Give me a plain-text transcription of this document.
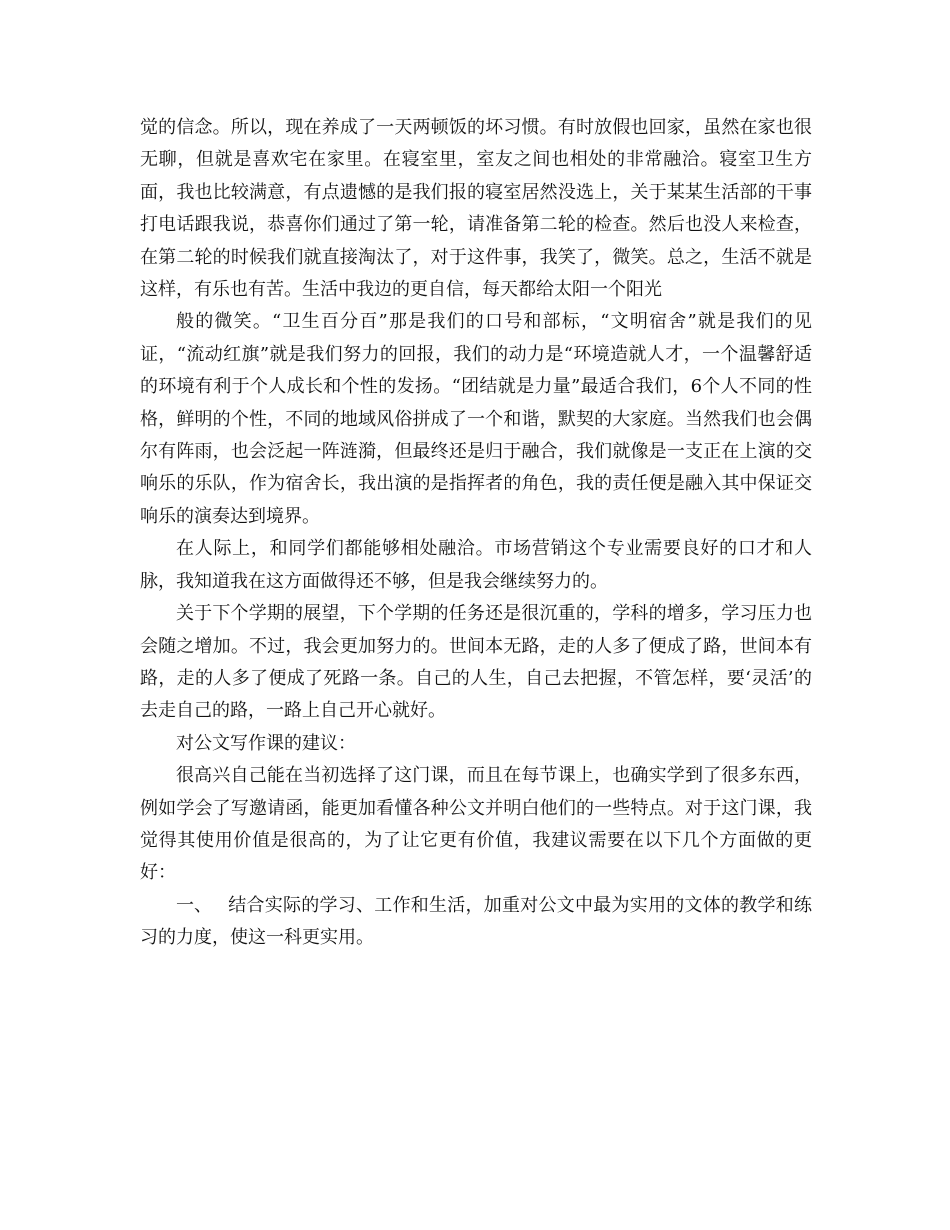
觉的信念。所以，现在养成了一天两顿饭的坏习惯。有时放假也回家，虽然在家也很无聊，但就是喜欢宅在家里。在寝室里，室友之间也相处的非常融洽。寝室卫生方面，我也比较满意，有点遗憾的是我们报的寝室居然没选上，关于某某生活部的干事打电话跟我说，恭喜你们通过了第一轮，请准备第二轮的检查。然后也没人来检查，在第二轮的时候我们就直接淘汰了，对于这件事，我笑了，微笑。总之，生活不就是这样，有乐也有苦。生活中我边的更自信，每天都给太阳一个阳光

般的微笑。“卫生百分百”那是我们的口号和部标，“文明宿舍”就是我们的见证，“流动红旗”就是我们努力的回报，我们的动力是“环境造就人才，一个温馨舒适的环境有利于个人成长和个性的发扬。“团结就是力量”最适合我们，6个人不同的性格，鲜明的个性，不同的地域风俗拼成了一个和谐，默契的大家庭。当然我们也会偶尔有阵雨，也会泛起一阵涟漪，但最终还是归于融合，我们就像是一支正在上演的交响乐的乐队，作为宿舍长，我出演的是指挥者的角色，我的责任便是融入其中保证交响乐的演奏达到境界。

在人际上，和同学们都能够相处融洽。市场营销这个专业需要良好的口才和人脉，我知道我在这方面做得还不够，但是我会继续努力的。

关于下个学期的展望，下个学期的任务还是很沉重的，学科的增多，学习压力也会随之增加。不过，我会更加努力的。世间本无路，走的人多了便成了路，世间本有路，走的人多了便成了死路一条。自己的人生，自己去把握，不管怎样，要‘灵活’的去走自己的路，一路上自己开心就好。

对公文写作课的建议：

很高兴自己能在当初选择了这门课，而且在每节课上，也确实学到了很多东西，例如学会了写邀请函，能更加看懂各种公文并明白他们的一些特点。对于这门课，我觉得其使用价值是很高的，为了让它更有价值，我建议需要在以下几个方面做的更好：

一、 结合实际的学习、工作和生活，加重对公文中最为实用的文体的教学和练习的力度，使这一科更实用。
